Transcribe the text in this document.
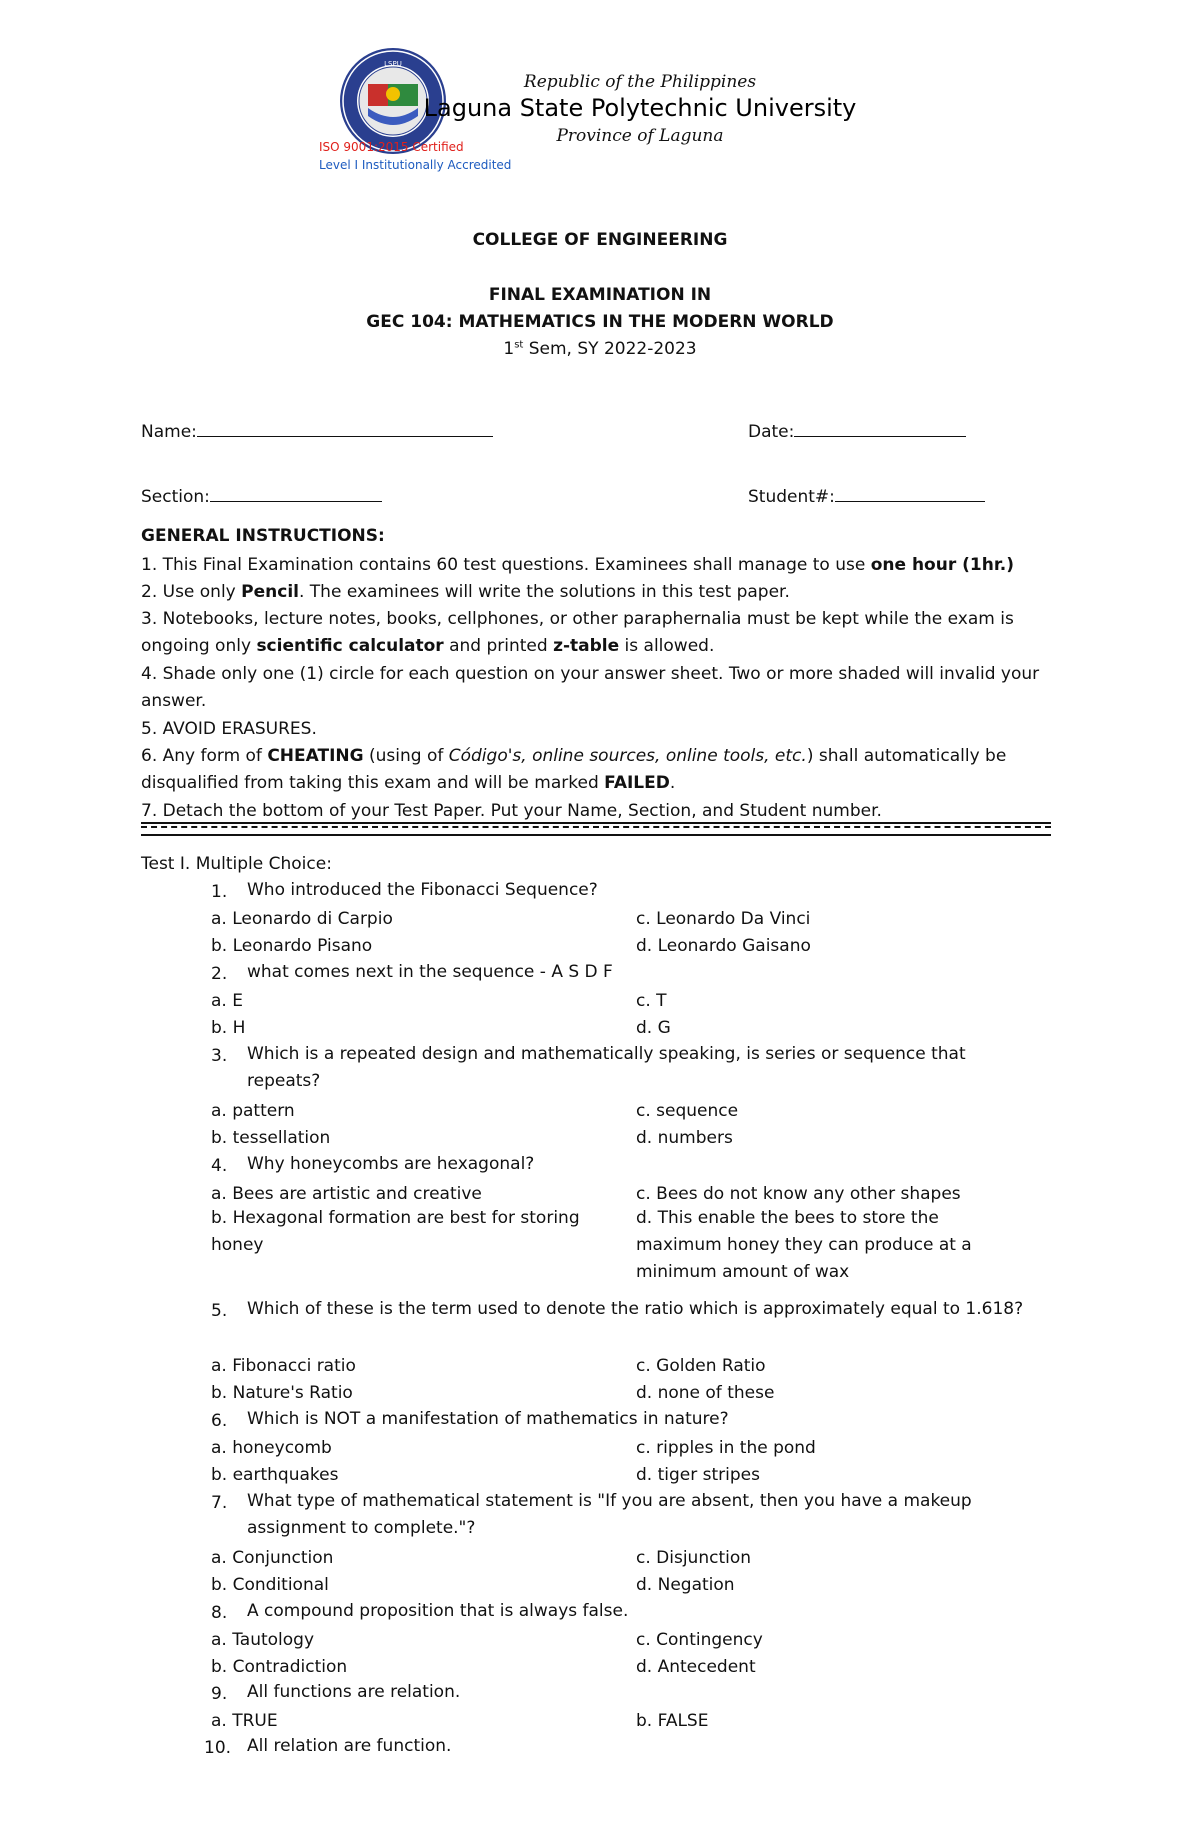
LSPU
Republic of the Philippines
Laguna State Polytechnic University
Province of Laguna
ISO 9001:2015 Certified
Level I Institutionally Accredited
COLLEGE OF ENGINEERING
FINAL EXAMINATION IN
GEC 104: MATHEMATICS IN THE MODERN WORLD
1st Sem, SY 2022-2023
Name:	Date:
Section:	Student#:
GENERAL INSTRUCTIONS:
1. This Final Examination contains 60 test questions. Examinees shall manage to use one hour (1hr.)
2. Use only Pencil. The examinees will write the solutions in this test paper.
3. Notebooks, lecture notes, books, cellphones, or other paraphernalia must be kept while the exam is ongoing only scientific calculator and printed z-table is allowed.
4. Shade only one (1) circle for each question on your answer sheet. Two or more shaded will invalid your answer.
5. AVOID ERASURES.
6. Any form of CHEATING (using of Código's, online sources, online tools, etc.) shall automatically be disqualified from taking this exam and will be marked FAILED.
7. Detach the bottom of your Test Paper. Put your Name, Section, and Student number.
Test I. Multiple Choice:
1. Who introduced the Fibonacci Sequence?
a. Leonardo di Carpio	c. Leonardo Da Vinci
b. Leonardo Pisano	d. Leonardo Gaisano
2. what comes next in the sequence - A S D F
a. E	c. T
b. H	d. G
3. Which is a repeated design and mathematically speaking, is series or sequence that repeats?
a. pattern	c. sequence
b. tessellation	d. numbers
4. Why honeycombs are hexagonal?
a. Bees are artistic and creative	c. Bees do not know any other shapes
b. Hexagonal formation are best for storing honey
d. This enable the bees to store the maximum honey they can produce at a minimum amount of wax
5. Which of these is the term used to denote the ratio which is approximately equal to 1.618?
a. Fibonacci ratio	c. Golden Ratio
b. Nature's Ratio	d. none of these
6. Which is NOT a manifestation of mathematics in nature?
a. honeycomb	c. ripples in the pond
b. earthquakes	d. tiger stripes
7. What type of mathematical statement is "If you are absent, then you have a makeup assignment to complete."?
a. Conjunction	c. Disjunction
b. Conditional	d. Negation
8. A compound proposition that is always false.
a. Tautology	c. Contingency
b. Contradiction	d. Antecedent
9. All functions are relation.
a. TRUE	b. FALSE
10. All relation are function.
